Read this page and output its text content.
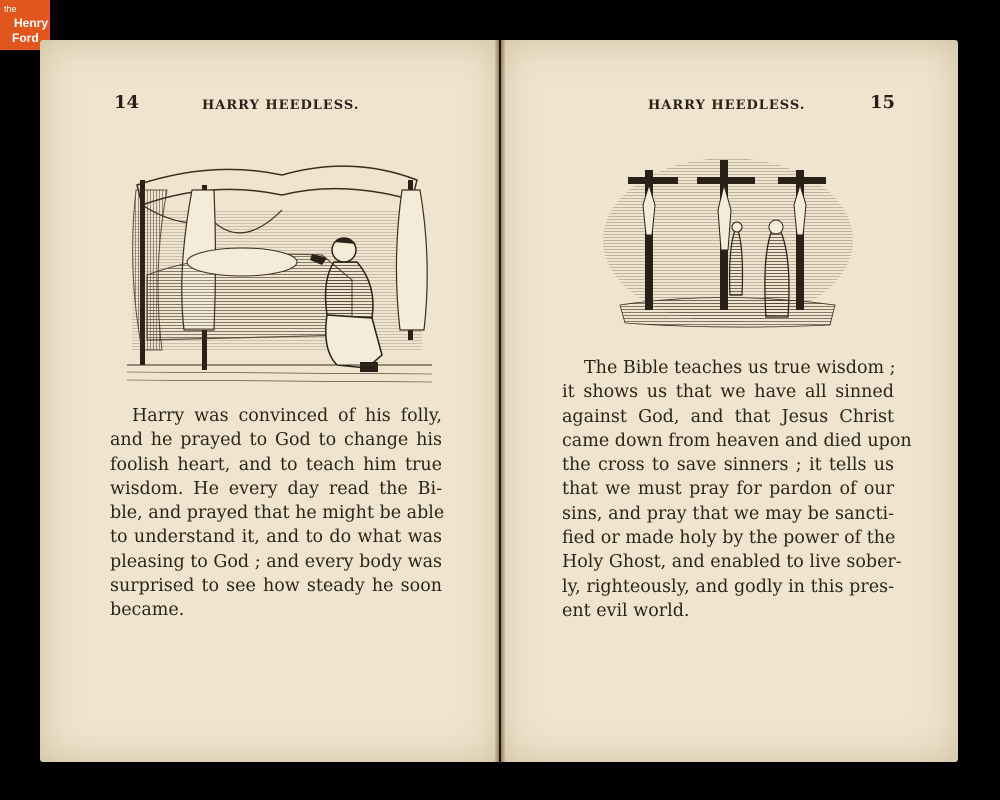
the
Henry
Ford
14	HARRY HEEDLESS.	HARRY HEEDLESS.	15
Harry was convinced of his folly,
and he prayed to God to change his
foolish heart, and to teach him true
wisdom. He every day read the Bi-
ble, and prayed that he might be able
to understand it, and to do what was
pleasing to God ; and every body was
surprised to see how steady he soon
became.
The Bible teaches us true wisdom ;
it shows us that we have all sinned
against God, and that Jesus Christ
came down from heaven and died upon
the cross to save sinners ; it tells us
that we must pray for pardon of our
sins, and pray that we may be sancti-
fied or made holy by the power of the
Holy Ghost, and enabled to live sober-
ly, righteously, and godly in this pres-
ent evil world.
